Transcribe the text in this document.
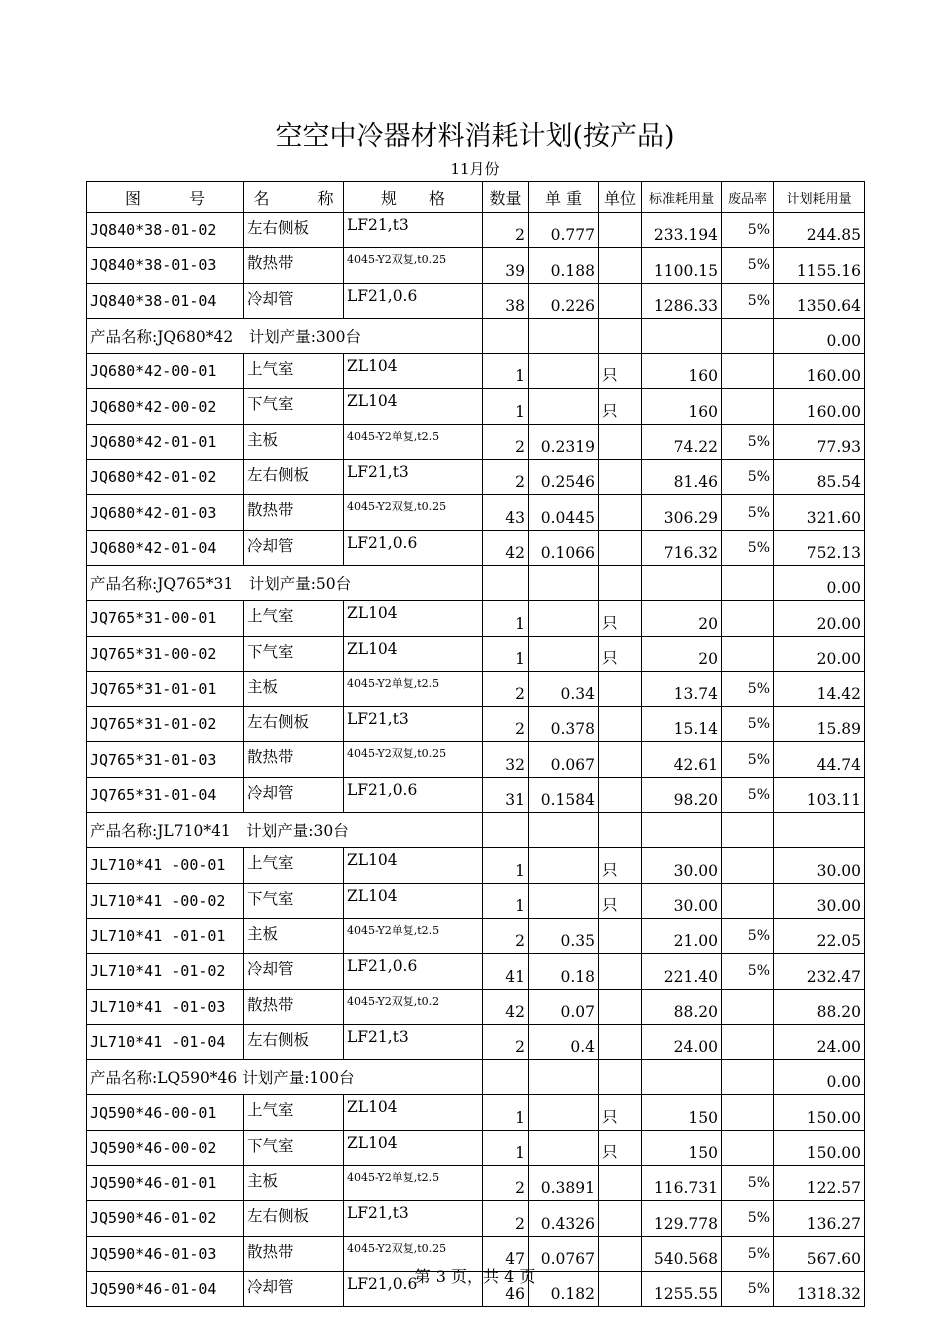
空空中冷器材料消耗计划(按产品)
11月份
图　　　号	名　　　称	规　　格	数量	单 重	单位	标准耗用量	废品率	计划耗用量
JQ840*38-01-02	左右侧板	LF21,t3	2	0.777		233.194	5%	244.85
JQ840*38-01-03	散热带	4045-Y2双复,t0.25	39	0.188		1100.15	5%	1155.16
JQ840*38-01-04	冷却管	LF21,0.6	38	0.226		1286.33	5%	1350.64
产品名称:JQ680*42　计划产量:300台								0.00
JQ680*42-00-01	上气室	ZL104	1		只	160		160.00
JQ680*42-00-02	下气室	ZL104	1		只	160		160.00
JQ680*42-01-01	主板	4045-Y2单复,t2.5	2	0.2319		74.22	5%	77.93
JQ680*42-01-02	左右侧板	LF21,t3	2	0.2546		81.46	5%	85.54
JQ680*42-01-03	散热带	4045-Y2双复,t0.25	43	0.0445		306.29	5%	321.60
JQ680*42-01-04	冷却管	LF21,0.6	42	0.1066		716.32	5%	752.13
产品名称:JQ765*31　计划产量:50台								0.00
JQ765*31-00-01	上气室	ZL104	1		只	20		20.00
JQ765*31-00-02	下气室	ZL104	1		只	20		20.00
JQ765*31-01-01	主板	4045-Y2单复,t2.5	2	0.34		13.74	5%	14.42
JQ765*31-01-02	左右侧板	LF21,t3	2	0.378		15.14	5%	15.89
JQ765*31-01-03	散热带	4045-Y2双复,t0.25	32	0.067		42.61	5%	44.74
JQ765*31-01-04	冷却管	LF21,0.6	31	0.1584		98.20	5%	103.11
产品名称:JL710*41　计划产量:30台								
JL710*41 -00-01	上气室	ZL104	1		只	30.00		30.00
JL710*41 -00-02	下气室	ZL104	1		只	30.00		30.00
JL710*41 -01-01	主板	4045-Y2单复,t2.5	2	0.35		21.00	5%	22.05
JL710*41 -01-02	冷却管	LF21,0.6	41	0.18		221.40	5%	232.47
JL710*41 -01-03	散热带	4045-Y2双复,t0.2	42	0.07		88.20		88.20
JL710*41 -01-04	左右侧板	LF21,t3	2	0.4		24.00		24.00
产品名称:LQ590*46 计划产量:100台								0.00
JQ590*46-00-01	上气室	ZL104	1		只	150		150.00
JQ590*46-00-02	下气室	ZL104	1		只	150		150.00
JQ590*46-01-01	主板	4045-Y2单复,t2.5	2	0.3891		116.731	5%	122.57
JQ590*46-01-02	左右侧板	LF21,t3	2	0.4326		129.778	5%	136.27
JQ590*46-01-03	散热带	4045-Y2双复,t0.25	47	0.0767		540.568	5%	567.60
JQ590*46-01-04	冷却管	LF21,0.6	46	0.182		1255.55	5%	1318.32
第 3 页，共 4 页
